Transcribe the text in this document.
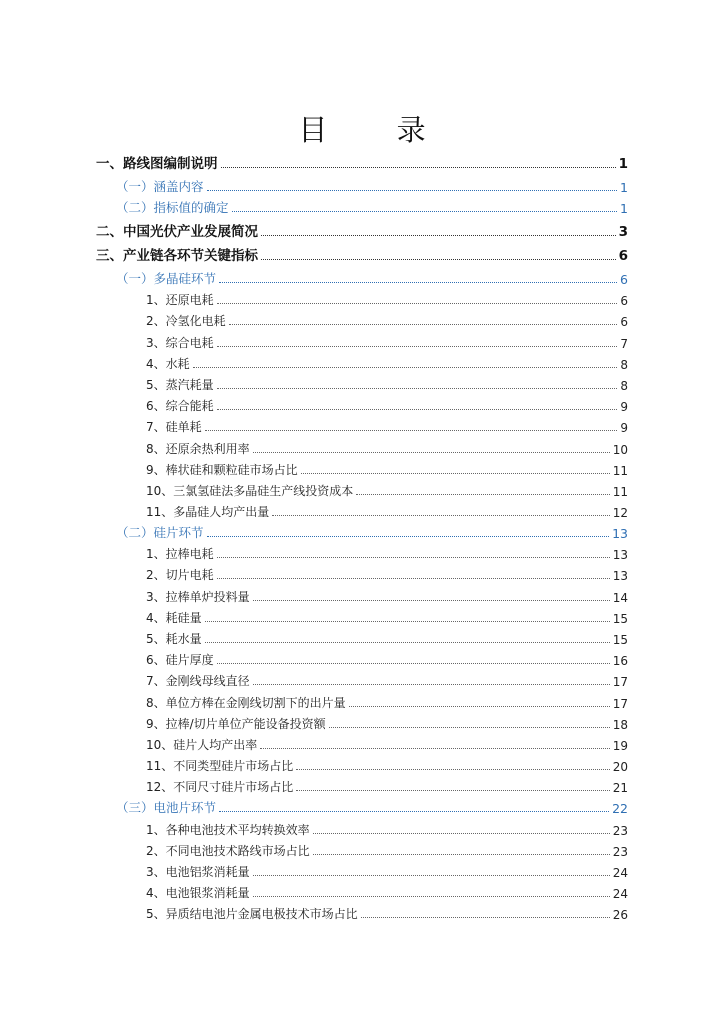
目 录
一、路线图编制说明	1
（一）涵盖内容	1
（二）指标值的确定	1
二、中国光伏产业发展简况	3
三、产业链各环节关键指标	6
（一）多晶硅环节	6
1、还原电耗	6
2、冷氢化电耗	6
3、综合电耗	7
4、水耗	8
5、蒸汽耗量	8
6、综合能耗	9
7、硅单耗	9
8、还原余热利用率	10
9、棒状硅和颗粒硅市场占比	11
10、三氯氢硅法多晶硅生产线投资成本	11
11、多晶硅人均产出量	12
（二）硅片环节	13
1、拉棒电耗	13
2、切片电耗	13
3、拉棒单炉投料量	14
4、耗硅量	15
5、耗水量	15
6、硅片厚度	16
7、金刚线母线直径	17
8、单位方棒在金刚线切割下的出片量	17
9、拉棒/切片单位产能设备投资额	18
10、硅片人均产出率	19
11、不同类型硅片市场占比	20
12、不同尺寸硅片市场占比	21
（三）电池片环节	22
1、各种电池技术平均转换效率	23
2、不同电池技术路线市场占比	23
3、电池铝浆消耗量	24
4、电池银浆消耗量	24
5、异质结电池片金属电极技术市场占比	26
